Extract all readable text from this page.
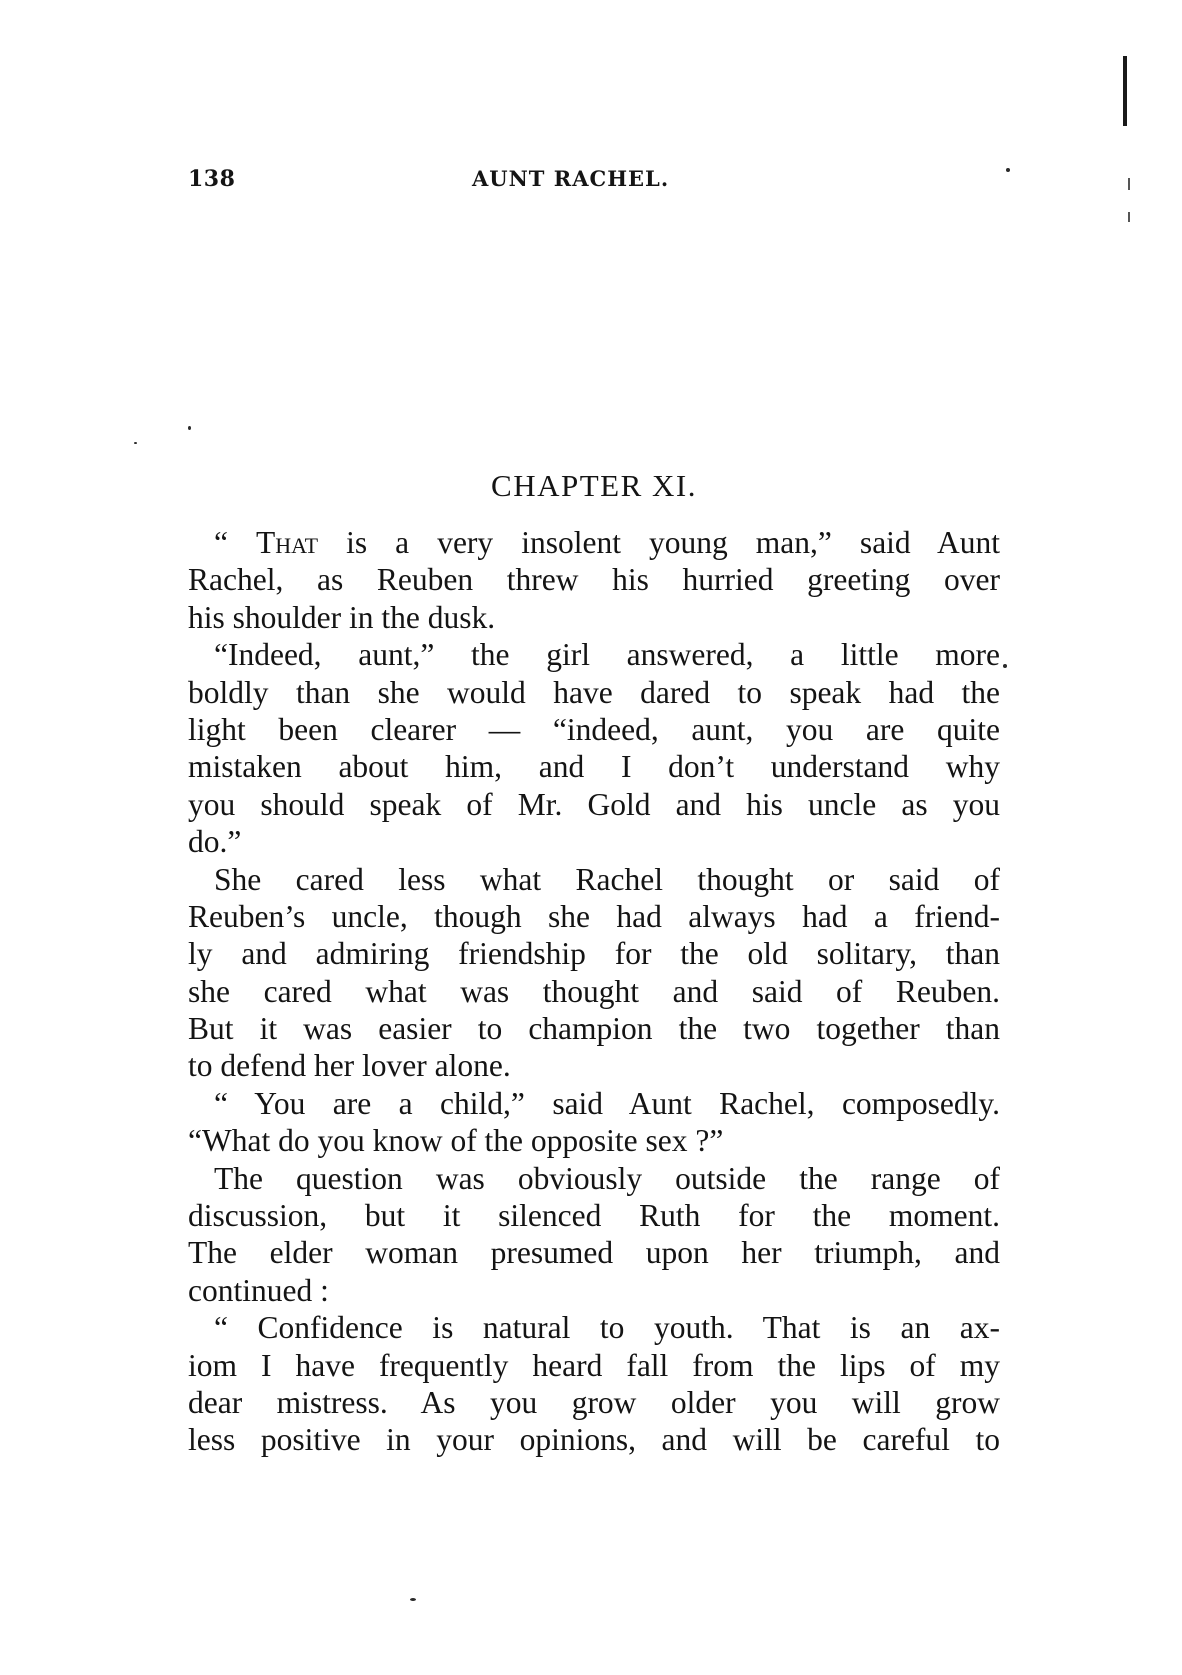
138	AUNT RACHEL.
CHAPTER XI.
“ That is a very insolent young man,” said Aunt
Rachel, as Reuben threw his hurried greeting over
his shoulder in the dusk.
“Indeed, aunt,” the girl answered, a little more
boldly than she would have dared to speak had the
light been clearer — “indeed, aunt, you are quite
mistaken about him, and I don’t understand why
you should speak of Mr. Gold and his uncle as you
do.”
She cared less what Rachel thought or said of
Reuben’s uncle, though she had always had a friend-
ly and admiring friendship for the old solitary, than
she cared what was thought and said of Reuben.
But it was easier to champion the two together than
to defend her lover alone.
“ You are a child,” said Aunt Rachel, composedly.
“What do you know of the opposite sex ?”
The question was obviously outside the range of
discussion, but it silenced Ruth for the moment.
The elder woman presumed upon her triumph, and
continued :
“ Confidence is natural to youth. That is an ax-
iom I have frequently heard fall from the lips of my
dear mistress. As you grow older you will grow
less positive in your opinions, and will be careful to
